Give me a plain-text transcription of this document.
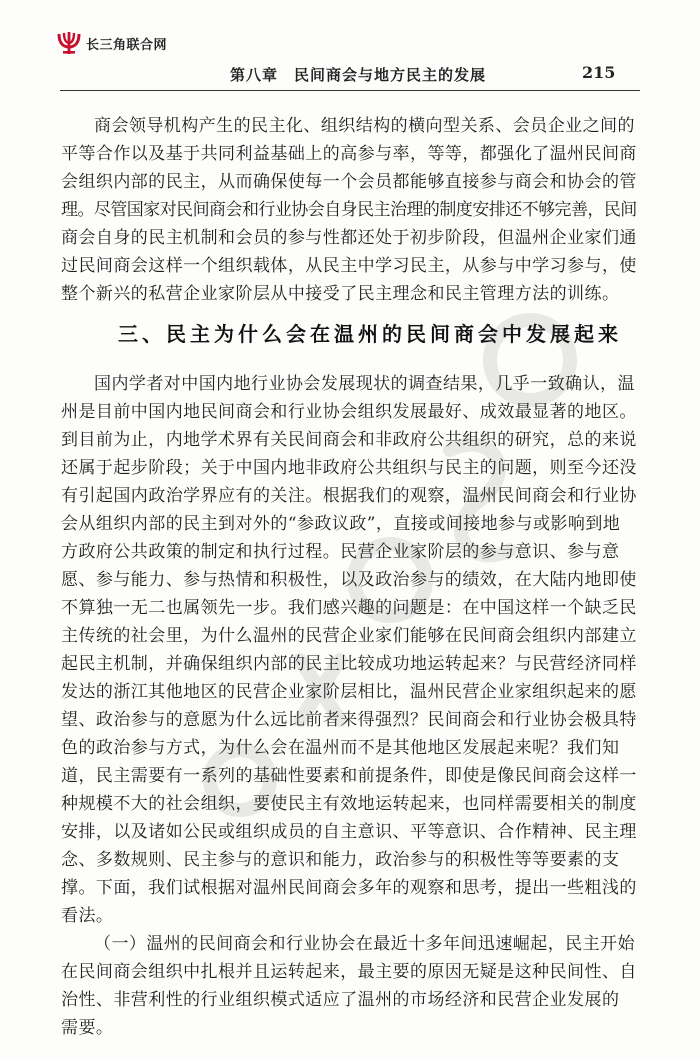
长三角联合网
第八章　民间商会与地方民主的发展	215
商会领导机构产生的民主化、组织结构的横向型关系、会员企业之间的
平等合作以及基于共同利益基础上的高参与率，等等，都强化了温州民间商
会组织内部的民主，从而确保使每一个会员都能够直接参与商会和协会的管
理。尽管国家对民间商会和行业协会自身民主治理的制度安排还不够完善，民间
商会自身的民主机制和会员的参与性都还处于初步阶段，但温州企业家们通
过民间商会这样一个组织载体，从民主中学习民主，从参与中学习参与，使
整个新兴的私营企业家阶层从中接受了民主理念和民主管理方法的训练。
三、民主为什么会在温州的民间商会中发展起来
国内学者对中国内地行业协会发展现状的调查结果，几乎一致确认，温
州是目前中国内地民间商会和行业协会组织发展最好、成效最显著的地区。
到目前为止，内地学术界有关民间商会和非政府公共组织的研究，总的来说
还属于起步阶段；关于中国内地非政府公共组织与民主的问题，则至今还没
有引起国内政治学界应有的关注。根据我们的观察，温州民间商会和行业协
会从组织内部的民主到对外的“参政议政”，直接或间接地参与或影响到地
方政府公共政策的制定和执行过程。民营企业家阶层的参与意识、参与意
愿、参与能力、参与热情和积极性，以及政治参与的绩效，在大陆内地即使
不算独一无二也属领先一步。我们感兴趣的问题是：在中国这样一个缺乏民
主传统的社会里，为什么温州的民营企业家们能够在民间商会组织内部建立
起民主机制，并确保组织内部的民主比较成功地运转起来？与民营经济同样
发达的浙江其他地区的民营企业家阶层相比，温州民营企业家组织起来的愿
望、政治参与的意愿为什么远比前者来得强烈？民间商会和行业协会极具特
色的政治参与方式，为什么会在温州而不是其他地区发展起来呢？我们知
道，民主需要有一系列的基础性要素和前提条件，即使是像民间商会这样一
种规模不大的社会组织，要使民主有效地运转起来，也同样需要相关的制度
安排，以及诸如公民或组织成员的自主意识、平等意识、合作精神、民主理
念、多数规则、民主参与的意识和能力，政治参与的积极性等等要素的支
撑。下面，我们试根据对温州民间商会多年的观察和思考，提出一些粗浅的
看法。
（一）温州的民间商会和行业协会在最近十多年间迅速崛起，民主开始
在民间商会组织中扎根并且运转起来，最主要的原因无疑是这种民间性、自
治性、非营利性的行业组织模式适应了温州的市场经济和民营企业发展的
需要。
